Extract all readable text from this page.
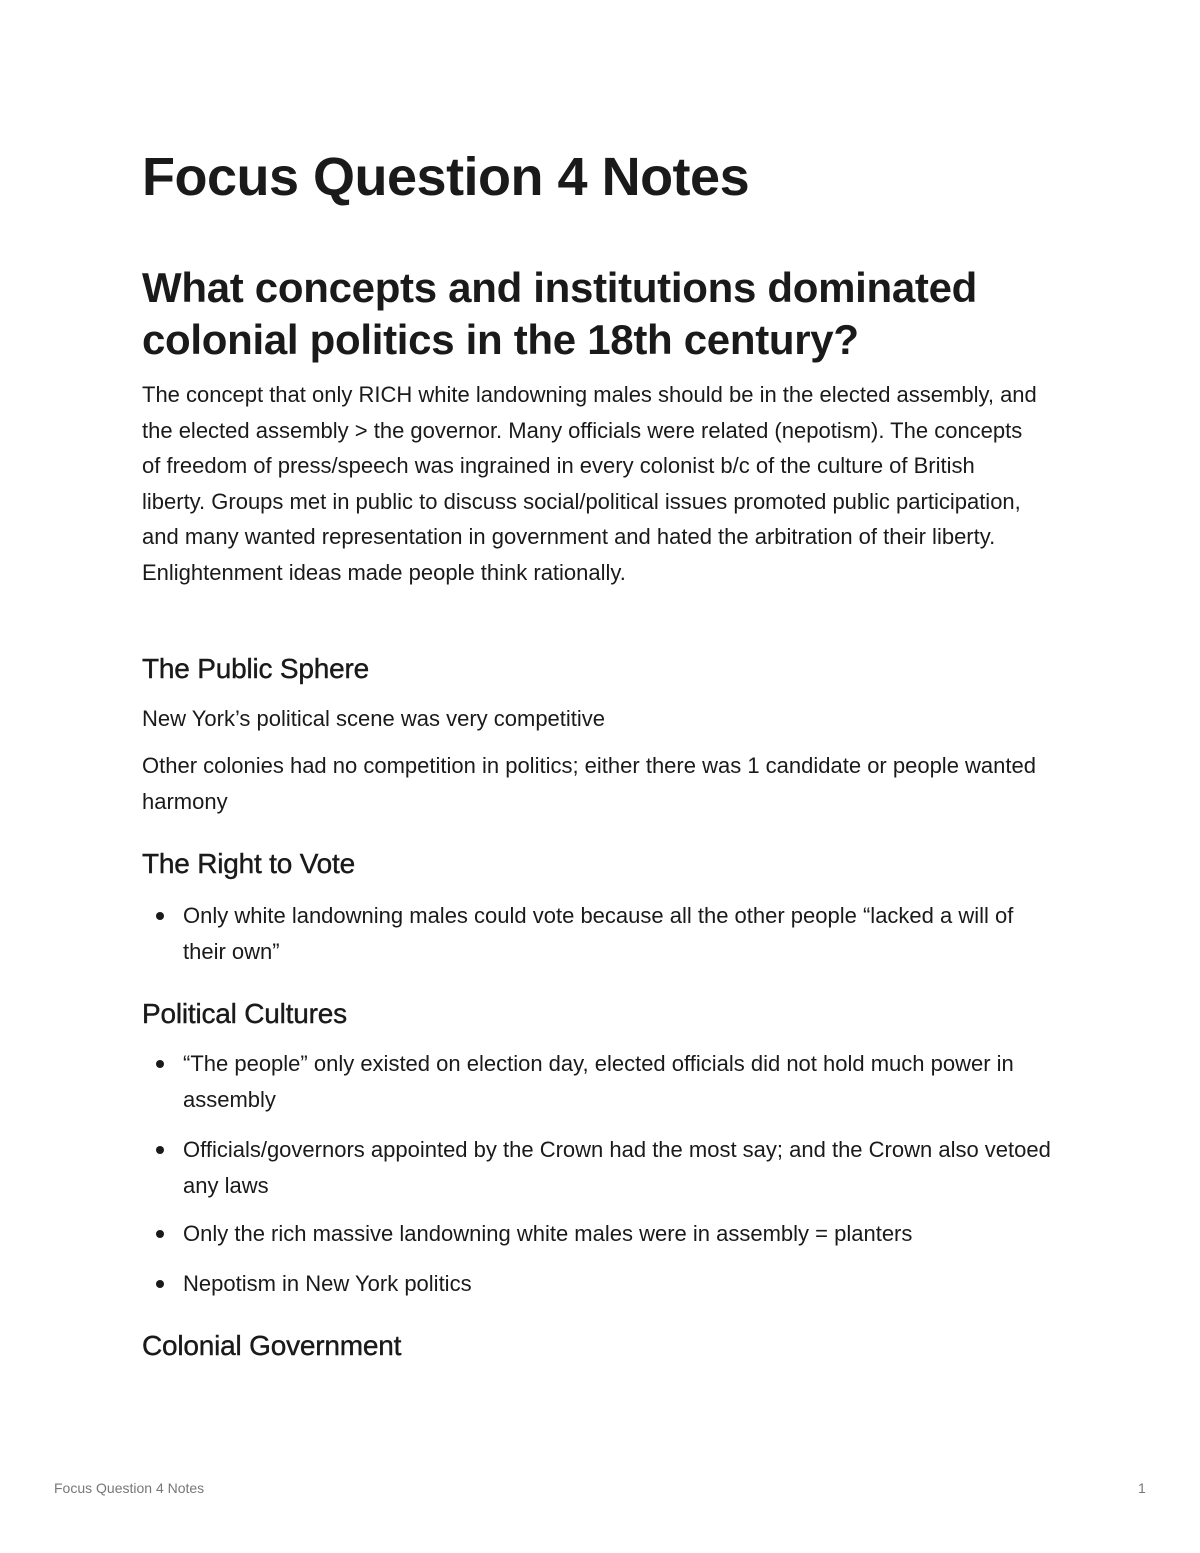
Focus Question 4 Notes
What concepts and institutions dominated colonial politics in the 18th century?

The concept that only RICH white landowning males should be in the elected assembly, and the elected assembly > the governor. Many officials were related (nepotism). The concepts of freedom of press/speech was ingrained in every colonist b/c of the culture of British liberty. Groups met in public to discuss social/political issues promoted public participation, and many wanted representation in government and hated the arbitration of their liberty. Enlightenment ideas made people think rationally.

The Public Sphere

New York’s political scene was very competitive

Other colonies had no competition in politics; either there was 1 candidate or people wanted harmony

The Right to Vote
Only white landowning males could vote because all the other people “lacked a will of their own”
Political Cultures
“The people” only existed on election day, elected officials did not hold much power in assembly
Officials/governors appointed by the Crown had the most say; and the Crown also vetoed any laws
Only the rich massive landowning white males were in assembly = planters
Nepotism in New York politics
Colonial Government
Focus Question 4 Notes	1
